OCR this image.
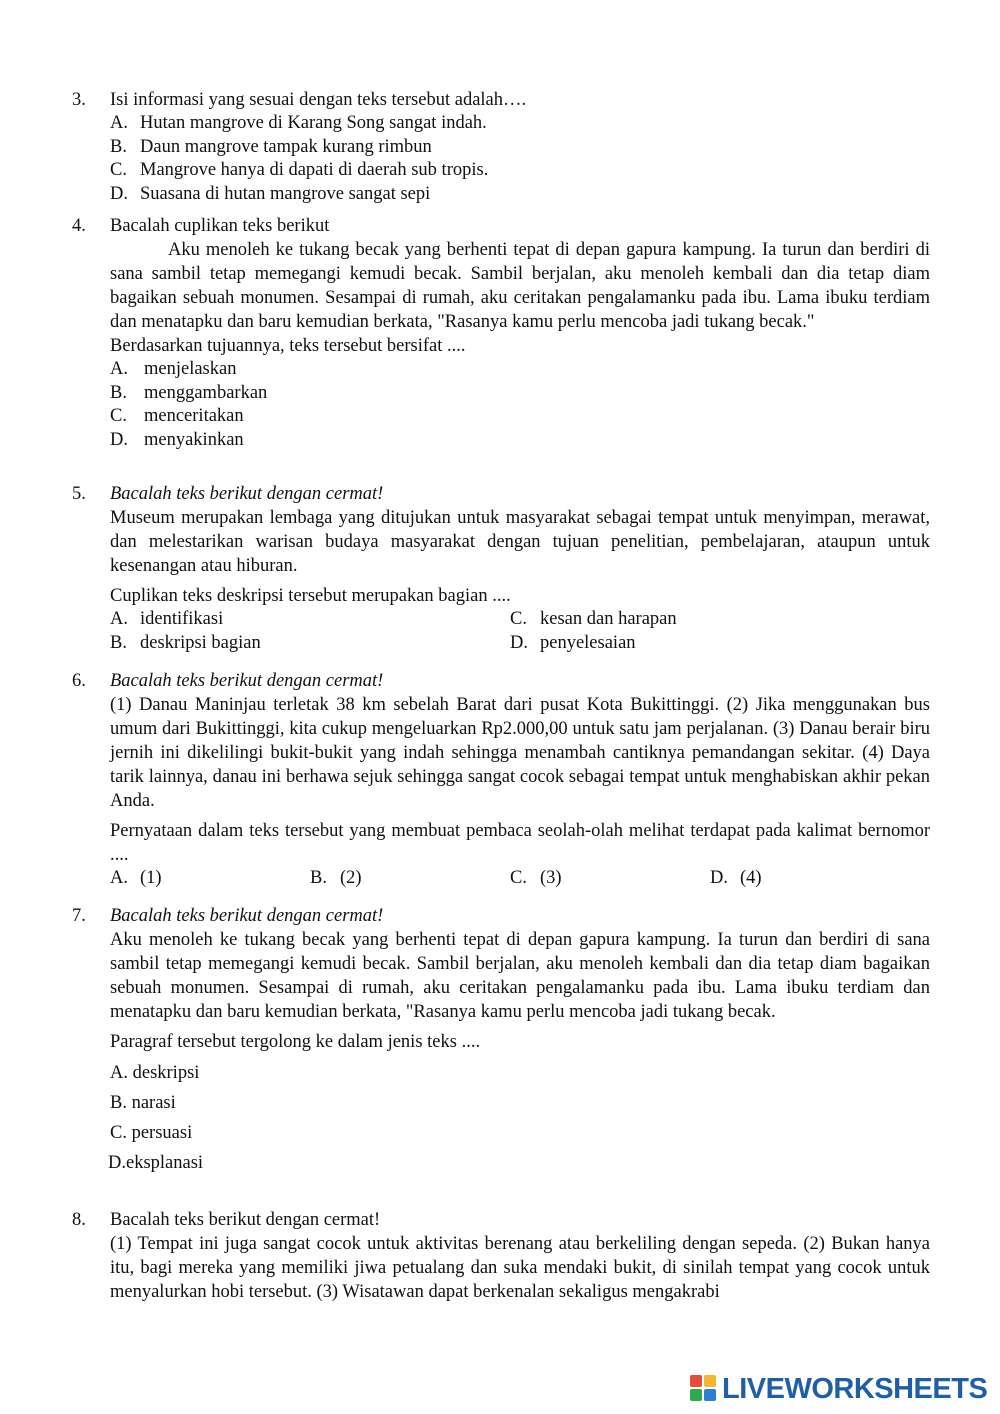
3.	Isi informasi yang sesuai dengan teks tersebut adalah….
A. Hutan mangrove di Karang Song sangat indah.
B. Daun mangrove tampak kurang rimbun
C. Mangrove hanya di dapati di daerah sub tropis.
D. Suasana di hutan mangrove sangat sepi
4.	Bacalah cuplikan teks berikut
Aku menoleh ke tukang becak yang berhenti tepat di depan gapura kampung. Ia turun dan berdiri di sana sambil tetap memegangi kemudi becak. Sambil berjalan, aku menoleh kembali dan dia tetap diam bagaikan sebuah monumen. Sesampai di rumah, aku ceritakan pengalamanku pada ibu. Lama ibuku terdiam dan menatapku dan baru kemudian berkata, "Rasanya kamu perlu mencoba jadi tukang becak."
Berdasarkan tujuannya, teks tersebut bersifat ....
A. menjelaskan
B. menggambarkan
C. menceritakan
D. menyakinkan
5.	Bacalah teks berikut dengan cermat!
Museum merupakan lembaga yang ditujukan untuk masyarakat sebagai tempat untuk menyimpan, merawat, dan melestarikan warisan budaya masyarakat dengan tujuan penelitian, pembelajaran, ataupun untuk kesenangan atau hiburan.
Cuplikan teks deskripsi tersebut merupakan bagian ....
A. identifikasi	C. kesan dan harapan
B. deskripsi bagian	D. penyelesaian
6.	Bacalah teks berikut dengan cermat!
(1) Danau Maninjau terletak 38 km sebelah Barat dari pusat Kota Bukittinggi. (2) Jika menggunakan bus umum dari Bukittinggi, kita cukup mengeluarkan Rp2.000,00 untuk satu jam perjalanan. (3) Danau berair biru jernih ini dikelilingi bukit-bukit yang indah sehingga menambah cantiknya pemandangan sekitar. (4) Daya tarik lainnya, danau ini berhawa sejuk sehingga sangat cocok sebagai tempat untuk menghabiskan akhir pekan Anda.
Pernyataan dalam teks tersebut yang membuat pembaca seolah-olah melihat terdapat pada kalimat bernomor ....
A. (1)	B. (2)	C. (3)	D. (4)
7.	Bacalah teks berikut dengan cermat!
Aku menoleh ke tukang becak yang berhenti tepat di depan gapura kampung. Ia turun dan berdiri di sana sambil tetap memegangi kemudi becak. Sambil berjalan, aku menoleh kembali dan dia tetap diam bagaikan sebuah monumen. Sesampai di rumah, aku ceritakan pengalamanku pada ibu. Lama ibuku terdiam dan menatapku dan baru kemudian berkata, "Rasanya kamu perlu mencoba jadi tukang becak.
Paragraf tersebut tergolong ke dalam jenis teks ....
A. deskripsi
B. narasi
C. persuasi
D.eksplanasi
8.	Bacalah teks berikut dengan cermat!
(1) Tempat ini juga sangat cocok untuk aktivitas berenang atau berkeliling dengan sepeda. (2) Bukan hanya itu, bagi mereka yang memiliki jiwa petualang dan suka mendaki bukit, di sinilah tempat yang cocok untuk menyalurkan hobi tersebut. (3) Wisatawan dapat berkenalan sekaligus mengakrabi
LIVEWORKSHEETS
